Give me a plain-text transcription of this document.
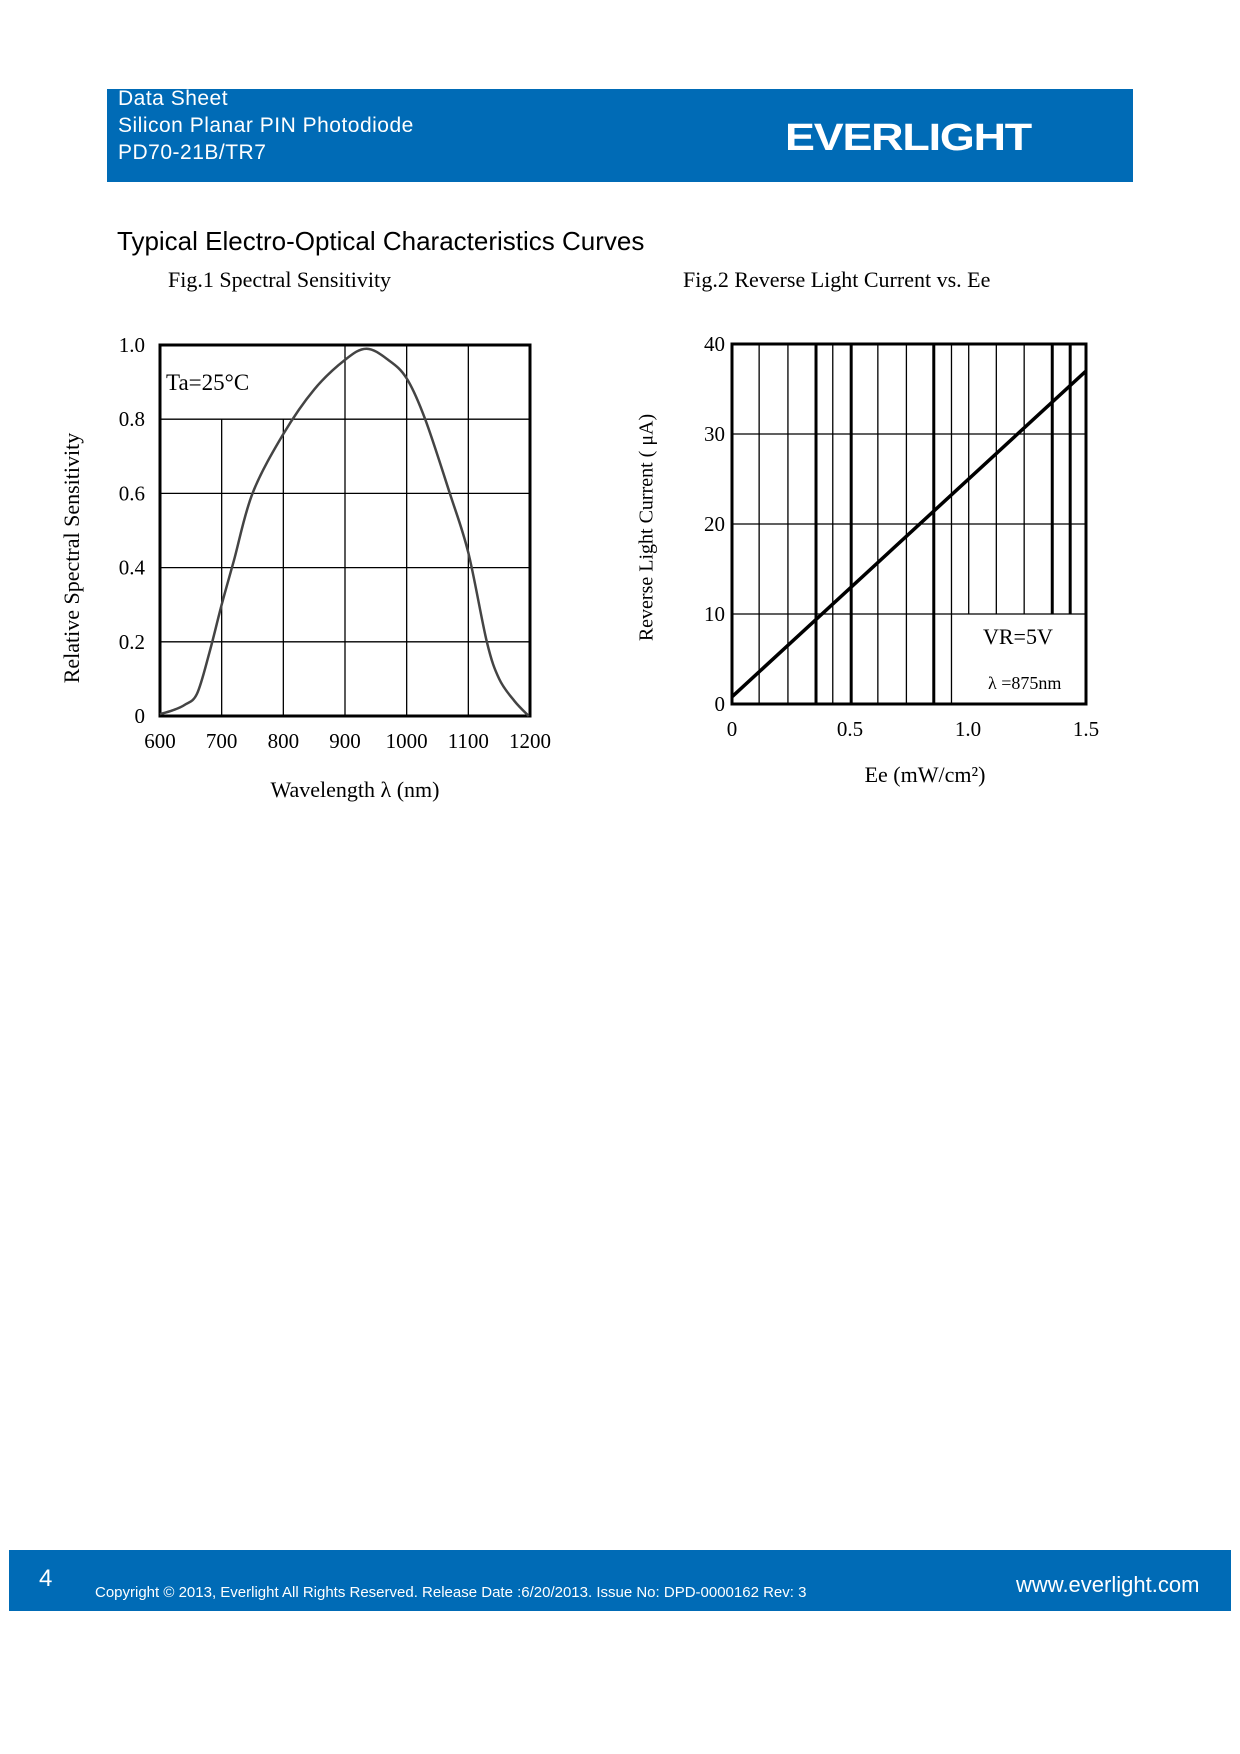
Data Sheet
Silicon Planar PIN Photodiode
PD70-21B/TR7	EVERLIGHT
Typical Electro-Optical Characteristics Curves
Fig.1 Spectral Sensitivity
0
0.2
0.4
0.6
0.8
1.0
600 700 800 900 1000 1100 1200
Ta=25°C
Wavelength λ (nm)
Relative Spectral Sensitivity
Fig.2 Reverse Light Current vs. Ee
0
10
20
30
40
0	0.5	1.0	1.5
VR=5V
λ =875nm
Ee (mW/cm²)
Reverse Light Current ( μA)
4
Copyright © 2013, Everlight All Rights Reserved. Release Date :6/20/2013. Issue No: DPD-0000162 Rev: 3	www.everlight.com
